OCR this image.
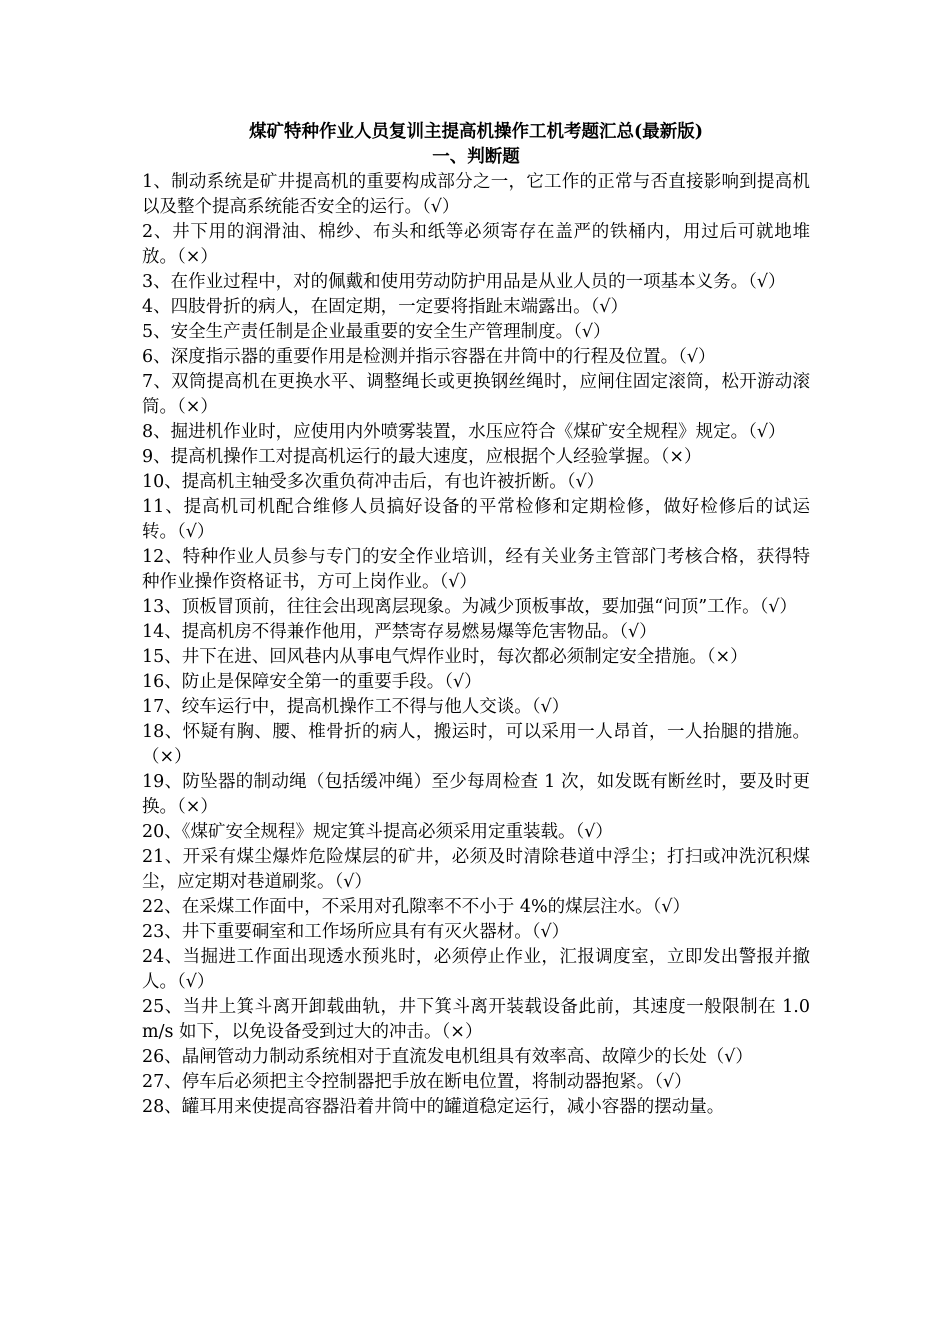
煤矿特种作业人员复训主提高机操作工机考题汇总(最新版)

一、判断题

1、制动系统是矿井提高机的重要构成部分之一，它工作的正常与否直接影响到提高机以及整个提高系统能否安全的运行。（√）

2、井下用的润滑油、棉纱、布头和纸等必须寄存在盖严的铁桶内，用过后可就地堆放。（×）

3、在作业过程中，对的佩戴和使用劳动防护用品是从业人员的一项基本义务。（√）

4、四肢骨折的病人，在固定期，一定要将指趾末端露出。（√）

5、安全生产责任制是企业最重要的安全生产管理制度。（√）

6、深度指示器的重要作用是检测并指示容器在井筒中的行程及位置。（√）

7、双筒提高机在更换水平、调整绳长或更换钢丝绳时，应闸住固定滚筒，松开游动滚筒。（×）

8、掘进机作业时，应使用内外喷雾装置，水压应符合《煤矿安全规程》规定。（√）

9、提高机操作工对提高机运行的最大速度，应根据个人经验掌握。（×）

10、提高机主轴受多次重负荷冲击后，有也许被折断。（√）

11、提高机司机配合维修人员搞好设备的平常检修和定期检修，做好检修后的试运转。（√）

12、特种作业人员参与专门的安全作业培训，经有关业务主管部门考核合格，获得特种作业操作资格证书，方可上岗作业。（√）

13、顶板冒顶前，往往会出现离层现象。为减少顶板事故，要加强“问顶”工作。（√）

14、提高机房不得兼作他用，严禁寄存易燃易爆等危害物品。（√）

15、井下在进、回风巷内从事电气焊作业时，每次都必须制定安全措施。（×）

16、防止是保障安全第一的重要手段。（√）

17、绞车运行中，提高机操作工不得与他人交谈。（√）

18、怀疑有胸、腰、椎骨折的病人，搬运时，可以采用一人昂首，一人抬腿的措施。（×）

19、防坠器的制动绳（包括缓冲绳）至少每周检查 1 次，如发既有断丝时，要及时更换。（×）

20、《煤矿安全规程》规定箕斗提高必须采用定重装载。（√）

21、开采有煤尘爆炸危险煤层的矿井，必须及时清除巷道中浮尘；打扫或冲洗沉积煤尘，应定期对巷道刷浆。（√）

22、在采煤工作面中，不采用对孔隙率不不小于 4%的煤层注水。（√）

23、井下重要硐室和工作场所应具有有灭火器材。（√）

24、当掘进工作面出现透水预兆时，必须停止作业，汇报调度室，立即发出警报并撤人。（√）

25、当井上箕斗离开卸载曲轨，井下箕斗离开装载设备此前，其速度一般限制在 1.0m/s 如下，以免设备受到过大的冲击。（×）

26、晶闸管动力制动系统相对于直流发电机组具有效率高、故障少的长处（√）

27、停车后必须把主令控制器把手放在断电位置，将制动器抱紧。（√）

28、罐耳用来使提高容器沿着井筒中的罐道稳定运行，减小容器的摆动量。
